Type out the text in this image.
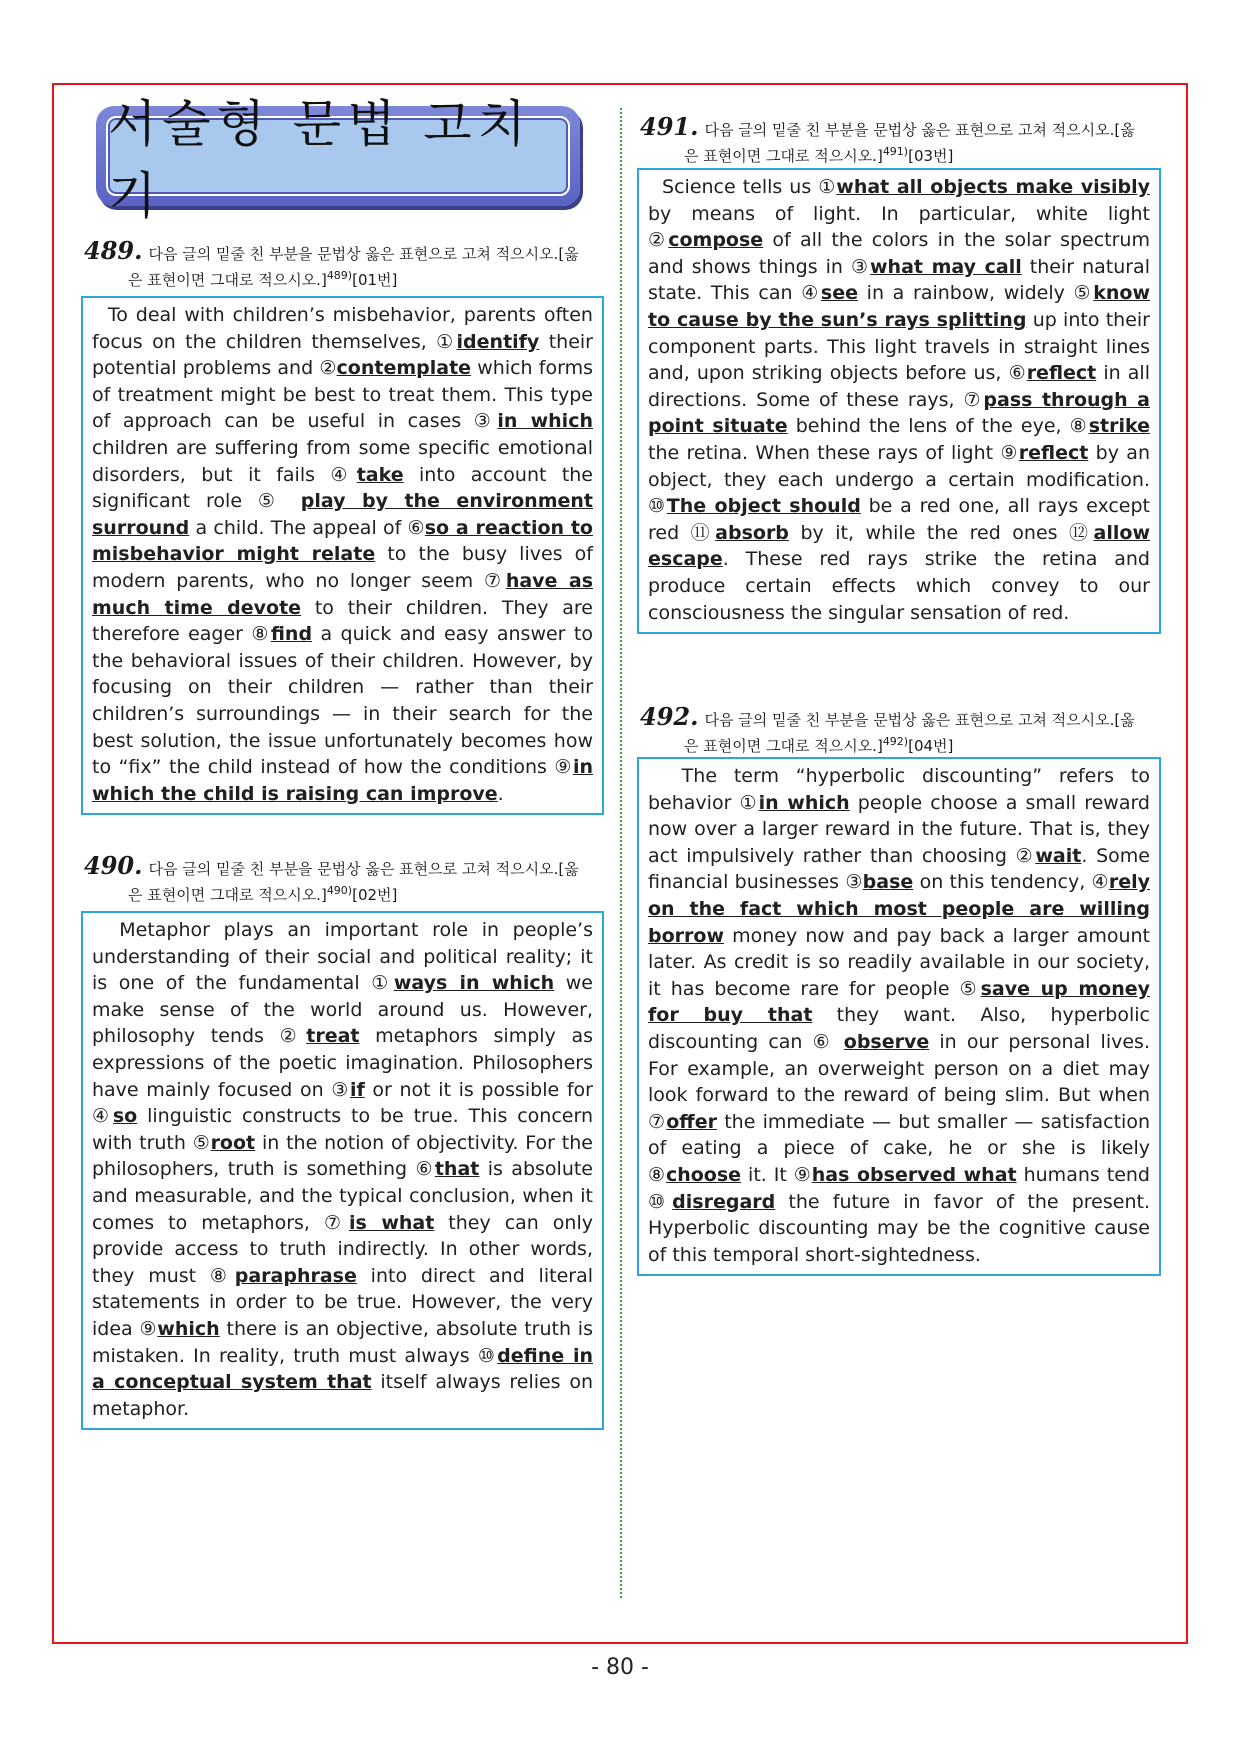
서술형 문법 고치기
489. 다음 글의 밑줄 친 부분을 문법상 옳은 표현으로 고쳐 적으시오.[옳
은 표현이면 그대로 적으시오.]$^{489)}$[01번]
To deal with children’s misbehavior, parents often focus on the children themselves, ①identify their potential problems and ②contemplate which forms of treatment might be best to treat them. This type of approach can be useful in cases ③in which children are suffering from some specific emotional disorders, but it fails ④take into account the significant role ⑤ play by the environment surround a child. The appeal of ⑥so a reaction to misbehavior might relate to the busy lives of modern parents, who no longer seem ⑦have as much time devote to their children. They are therefore eager ⑧find a quick and easy answer to the behavioral issues of their children. However, by focusing on their children — rather than their children’s surroundings — in their search for the best solution, the issue unfortunately becomes how to “fix” the child instead of how the conditions ⑨in which the child is raising can improve.
490. 다음 글의 밑줄 친 부분을 문법상 옳은 표현으로 고쳐 적으시오.[옳
은 표현이면 그대로 적으시오.]$^{490)}$[02번]
Metaphor plays an important role in people’s understanding of their social and political reality; it is one of the fundamental ①ways in which we make sense of the world around us. However, philosophy tends ②treat metaphors simply as expressions of the poetic imagination. Philosophers have mainly focused on ③if or not it is possible for ④so linguistic constructs to be true. This concern with truth ⑤root in the notion of objectivity. For the philosophers, truth is something ⑥that is absolute and measurable, and the typical conclusion, when it comes to metaphors, ⑦is what they can only provide access to truth indirectly. In other words, they must ⑧paraphrase into direct and literal statements in order to be true. However, the very idea ⑨which there is an objective, absolute truth is mistaken. In reality, truth must always ⑩define in a conceptual system that itself always relies on metaphor.
491. 다음 글의 밑줄 친 부분을 문법상 옳은 표현으로 고쳐 적으시오.[옳
은 표현이면 그대로 적으시오.]$^{491)}$[03번]
Science tells us ①what all objects make visibly by means of light. In particular, white light ②compose of all the colors in the solar spectrum and shows things in ③what may call their natural state. This can ④see in a rainbow, widely ⑤know to cause by the sun’s rays splitting up into their component parts. This light travels in straight lines and, upon striking objects before us, ⑥reflect in all directions. Some of these rays, ⑦pass through a point situate behind the lens of the eye, ⑧strike the retina. When these rays of light ⑨reflect by an object, they each undergo a certain modification. ⑩The object should be a red one, all rays except red ⑪absorb by it, while the red ones ⑫allow escape. These red rays strike the retina and produce certain effects which convey to our consciousness the singular sensation of red.
492. 다음 글의 밑줄 친 부분을 문법상 옳은 표현으로 고쳐 적으시오.[옳
은 표현이면 그대로 적으시오.]$^{492)}$[04번]
The term “hyperbolic discounting” refers to behavior ①in which people choose a small reward now over a larger reward in the future. That is, they act impulsively rather than choosing ②wait. Some financial businesses ③base on this tendency, ④rely on the fact which most people are willing borrow money now and pay back a larger amount later. As credit is so readily available in our society, it has become rare for people ⑤save up money for buy that they want. Also, hyperbolic discounting can ⑥ observe in our personal lives. For example, an overweight person on a diet may look forward to the reward of being slim. But when ⑦offer the immediate — but smaller — satisfaction of eating a piece of cake, he or she is likely ⑧choose it. It ⑨has observed what humans tend ⑩disregard the future in favor of the present. Hyperbolic discounting may be the cognitive cause of this temporal short-sightedness.
- 80 -
